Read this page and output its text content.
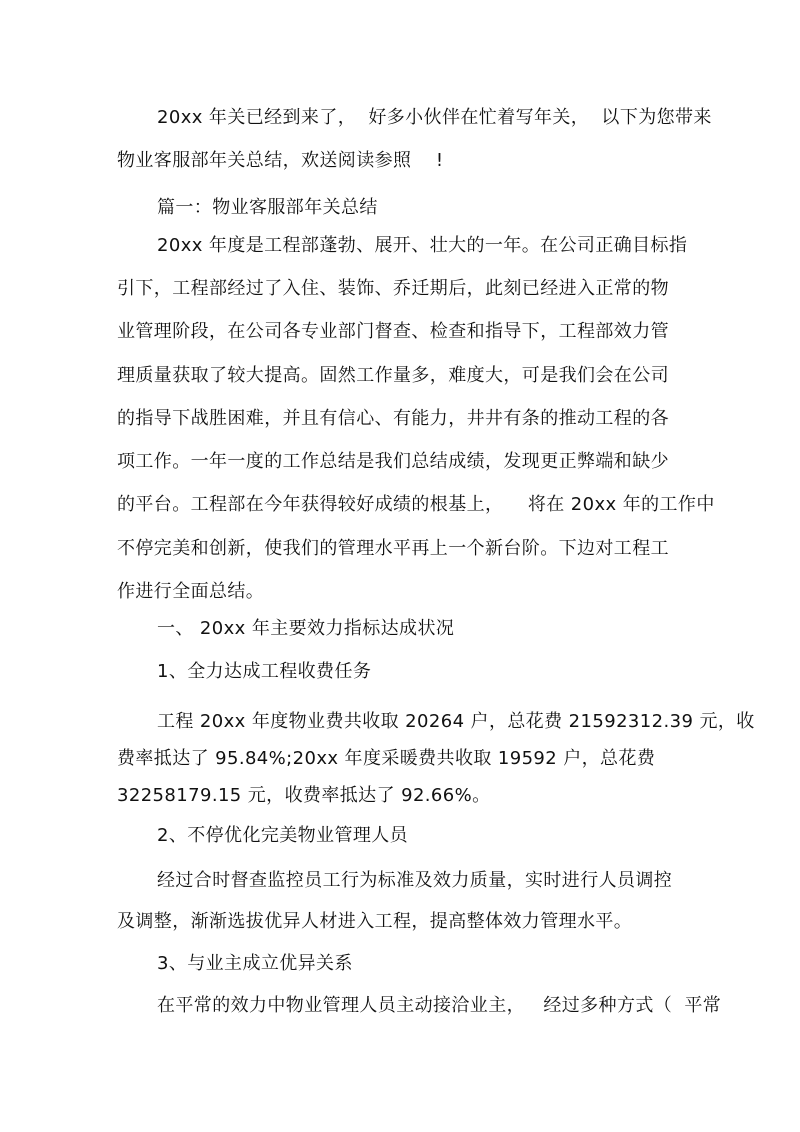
20xx 年关已经到来了，  好多小伙伴在忙着写年关，  以下为您带来
物业客服部年关总结，欢送阅读参照    !
篇一：物业客服部年关总结
20xx 年度是工程部蓬勃、展开、壮大的一年。在公司正确目标指
引下，工程部经过了入住、装饰、乔迁期后，此刻已经进入正常的物
业管理阶段，在公司各专业部门督查、检查和指导下，工程部效力管
理质量获取了较大提高。固然工作量多，难度大，可是我们会在公司
的指导下战胜困难，并且有信心、有能力，井井有条的推动工程的各
项工作。一年一度的工作总结是我们总结成绩，发现更正弊端和缺少
的平台。工程部在今年获得较好成绩的根基上，    将在 20xx 年的工作中
不停完美和创新，使我们的管理水平再上一个新台阶。下边对工程工
作进行全面总结。
一、 20xx 年主要效力指标达成状况
1、全力达成工程收费任务
工程 20xx 年度物业费共收取 20264 户，总花费 21592312.39 元，收
费率抵达了 95.84%;20xx 年度采暖费共收取 19592 户，总花费
32258179.15 元，收费率抵达了 92.66%。
2、不停优化完美物业管理人员
经过合时督查监控员工行为标准及效力质量，实时进行人员调控
及调整，渐渐选拔优异人材进入工程，提高整体效力管理水平。
3、与业主成立优异关系
在平常的效力中物业管理人员主动接洽业主，   经过多种方式（  平常
